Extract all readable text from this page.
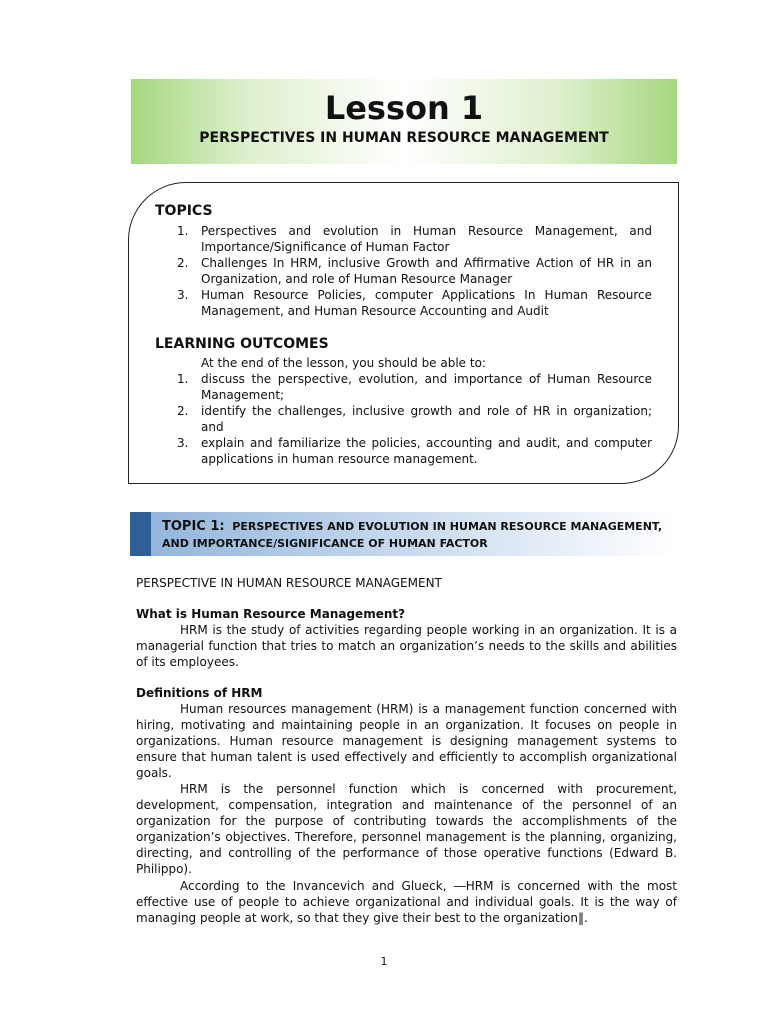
Lesson 1
PERSPECTIVES IN HUMAN RESOURCE MANAGEMENT
TOPICS
1. Perspectives and evolution in Human Resource Management, and Importance/Significance of Human Factor
2. Challenges In HRM, inclusive Growth and Affirmative Action of HR in an Organization, and role of Human Resource Manager
3. Human Resource Policies, computer Applications In Human Resource Management, and Human Resource Accounting and Audit
LEARNING OUTCOMES
At the end of the lesson, you should be able to:
1. discuss the perspective, evolution, and importance of Human Resource Management;
2. identify the challenges, inclusive growth and role of HR in organization; and
3. explain and familiarize the policies, accounting and audit, and computer applications in human resource management.
TOPIC 1: PERSPECTIVES AND EVOLUTION IN HUMAN RESOURCE MANAGEMENT, AND IMPORTANCE/SIGNIFICANCE OF HUMAN FACTOR
PERSPECTIVE IN HUMAN RESOURCE MANAGEMENT
What is Human Resource Management?
HRM is the study of activities regarding people working in an organization. It is a managerial function that tries to match an organization’s needs to the skills and abilities of its employees.
Definitions of HRM
Human resources management (HRM) is a management function concerned with hiring, motivating and maintaining people in an organization. It focuses on people in organizations. Human resource management is designing management systems to ensure that human talent is used effectively and efficiently to accomplish organizational goals.
HRM is the personnel function which is concerned with procurement, development, compensation, integration and maintenance of the personnel of an organization for the purpose of contributing towards the accomplishments of the organization’s objectives. Therefore, personnel management is the planning, organizing, directing, and controlling of the performance of those operative functions (Edward B. Philippo).
According to the Invancevich and Glueck, ―HRM is concerned with the most effective use of people to achieve organizational and individual goals. It is the way of managing people at work, so that they give their best to the organization‖.
1
